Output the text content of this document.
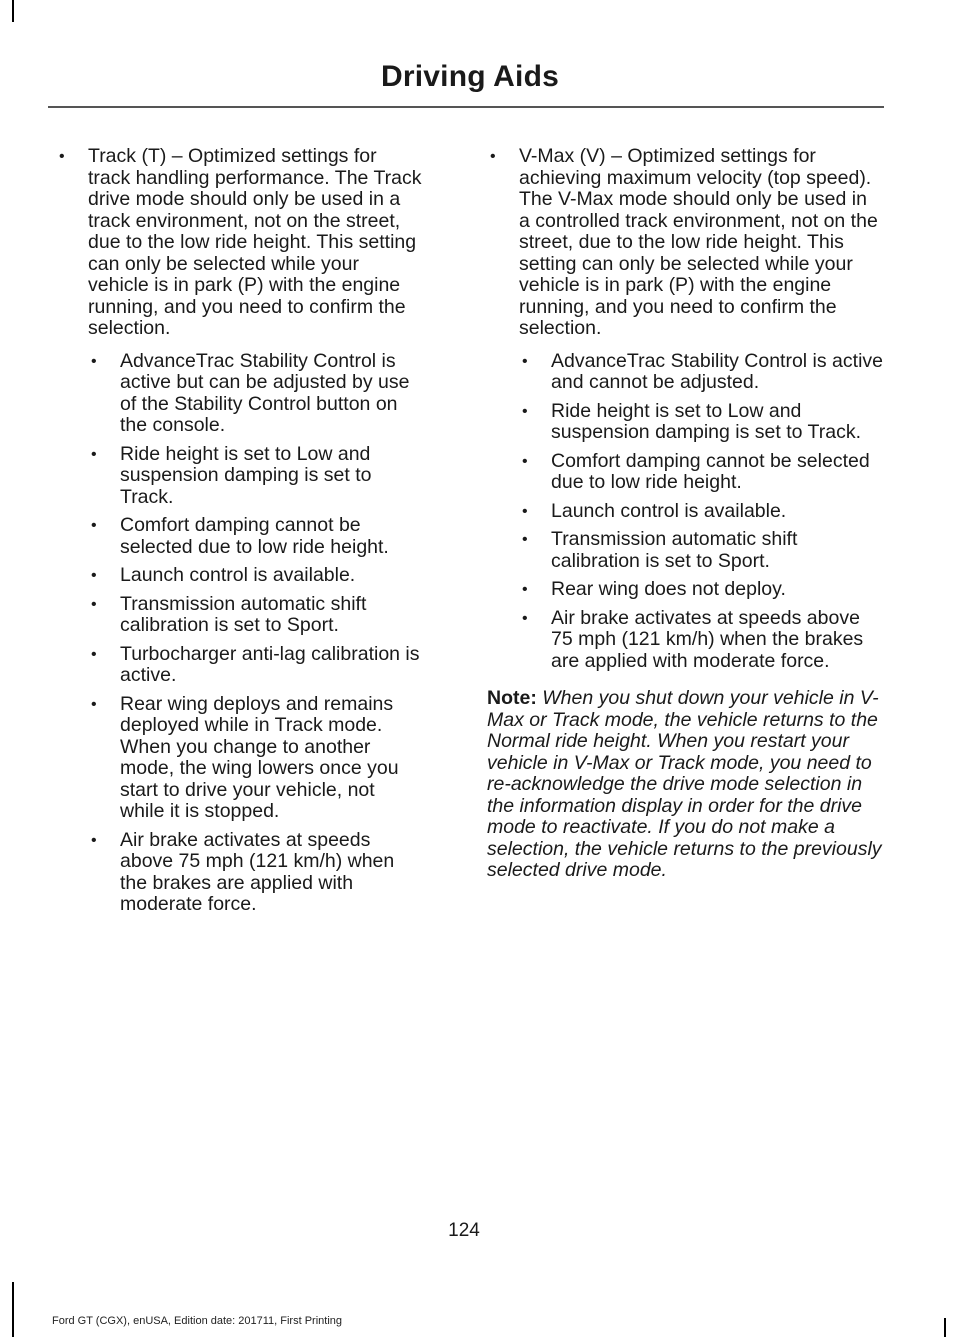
Driving Aids
• Track (T) – Optimized settings for track handling performance. The Track drive mode should only be used in a track environment, not on the street, due to the low ride height. This setting can only be selected while your vehicle is in park (P) with the engine running, and you need to confirm the selection.
• AdvanceTrac Stability Control is active but can be adjusted by use of the Stability Control button on the console.
• Ride height is set to Low and suspension damping is set to Track.
• Comfort damping cannot be selected due to low ride height.
• Launch control is available.
• Transmission automatic shift calibration is set to Sport.
• Turbocharger anti-lag calibration is active.
• Rear wing deploys and remains deployed while in Track mode. When you change to another mode, the wing lowers once you start to drive your vehicle, not while it is stopped.
• Air brake activates at speeds above 75 mph (121 km/h) when the brakes are applied with moderate force.
• V-Max (V) – Optimized settings for achieving maximum velocity (top speed). The V-Max mode should only be used in a controlled track environment, not on the street, due to the low ride height. This setting can only be selected while your vehicle is in park (P) with the engine running, and you need to confirm the selection.
• AdvanceTrac Stability Control is active and cannot be adjusted.
• Ride height is set to Low and suspension damping is set to Track.
• Comfort damping cannot be selected due to low ride height.
• Launch control is available.
• Transmission automatic shift calibration is set to Sport.
• Rear wing does not deploy.
• Air brake activates at speeds above 75 mph (121 km/h) when the brakes are applied with moderate force.

Note: When you shut down your vehicle in V-Max or Track mode, the vehicle returns to the Normal ride height. When you restart your vehicle in V-Max or Track mode, you need to re-acknowledge the drive mode selection in the information display in order for the drive mode to reactivate. If you do not make a selection, the vehicle returns to the previously selected drive mode.

124
Ford GT (CGX), enUSA, Edition date: 201711, First Printing
